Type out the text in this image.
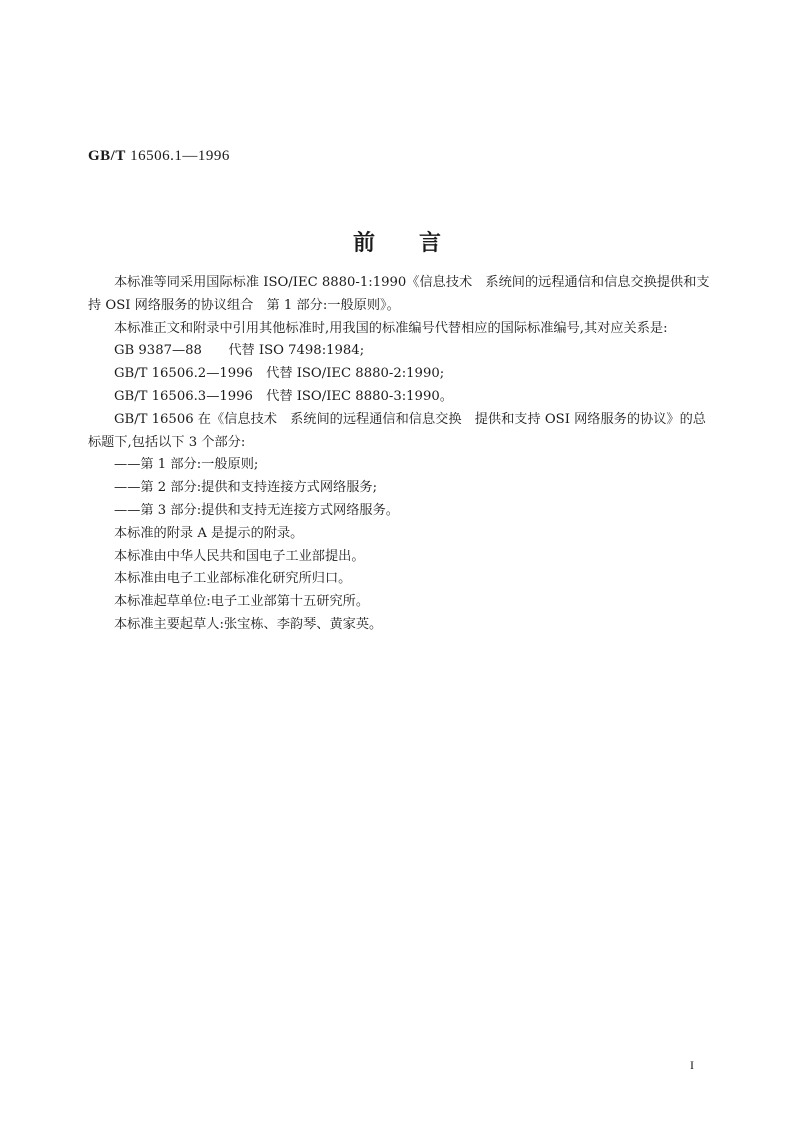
GB/T 16506.1—1996
前言

本标准等同采用国际标准 ISO/IEC 8880-1:1990《信息技术　系统间的远程通信和信息交换提供和支持 OSI 网络服务的协议组合　第 1 部分:一般原则》。

本标准正文和附录中引用其他标准时,用我国的标准编号代替相应的国际标准编号,其对应关系是:

GB 9387—88　　代替 ISO 7498:1984;

GB/T 16506.2—1996　代替 ISO/IEC 8880-2:1990;

GB/T 16506.3—1996　代替 ISO/IEC 8880-3:1990。

GB/T 16506 在《信息技术　系统间的远程通信和信息交换　提供和支持 OSI 网络服务的协议》的总标题下,包括以下 3 个部分:

——第 1 部分:一般原则;

——第 2 部分:提供和支持连接方式网络服务;

——第 3 部分:提供和支持无连接方式网络服务。

本标准的附录 A 是提示的附录。

本标准由中华人民共和国电子工业部提出。

本标准由电子工业部标准化研究所归口。

本标准起草单位:电子工业部第十五研究所。

本标准主要起草人:张宝栋、李韵琴、黄家英。

I
